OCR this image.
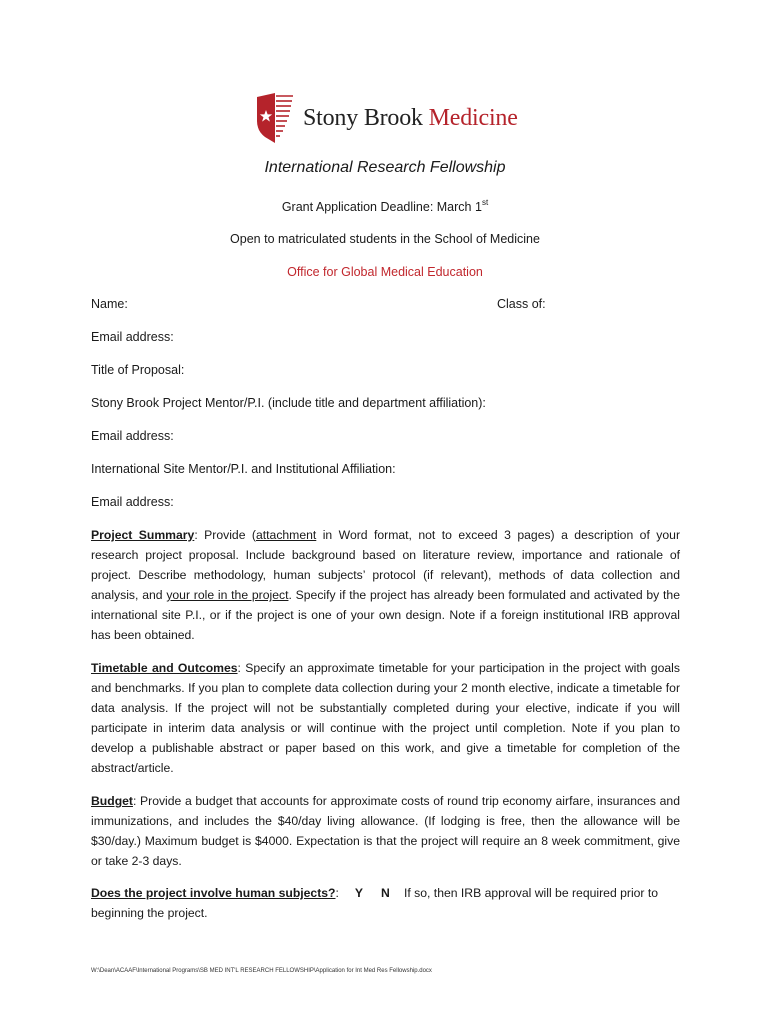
Stony Brook Medicine
International Research Fellowship
Grant Application Deadline: March 1st
Open to matriculated students in the School of Medicine
Office for Global Medical Education
Name:	Class of:
Email address:
Title of Proposal:
Stony Brook Project Mentor/P.I. (include title and department affiliation):
Email address:
International Site Mentor/P.I. and Institutional Affiliation:
Email address:
Project Summary: Provide (attachment in Word format, not to exceed 3 pages) a description of your research project proposal. Include background based on literature review, importance and rationale of project. Describe methodology, human subjects’ protocol (if relevant), methods of data collection and analysis, and your role in the project. Specify if the project has already been formulated and activated by the international site P.I., or if the project is one of your own design. Note if a foreign institutional IRB approval has been obtained.
Timetable and Outcomes: Specify an approximate timetable for your participation in the project with goals and benchmarks. If you plan to complete data collection during your 2 month elective, indicate a timetable for data analysis. If the project will not be substantially completed during your elective, indicate if you will participate in interim data analysis or will continue with the project until completion. Note if you plan to develop a publishable abstract or paper based on this work, and give a timetable for completion of the abstract/article.
Budget: Provide a budget that accounts for approximate costs of round trip economy airfare, insurances and immunizations, and includes the $40/day living allowance. (If lodging is free, then the allowance will be $30/day.) Maximum budget is $4000. Expectation is that the project will require an 8 week commitment, give or take 2-3 days.
Does the project involve human subjects?: Y N If so, then IRB approval will be required prior to
beginning the project.
W:\Dean\ACAAF\International Programs\SB MED INT'L RESEARCH FELLOWSHIP\Application for Int Med Res Fellowship.docx
